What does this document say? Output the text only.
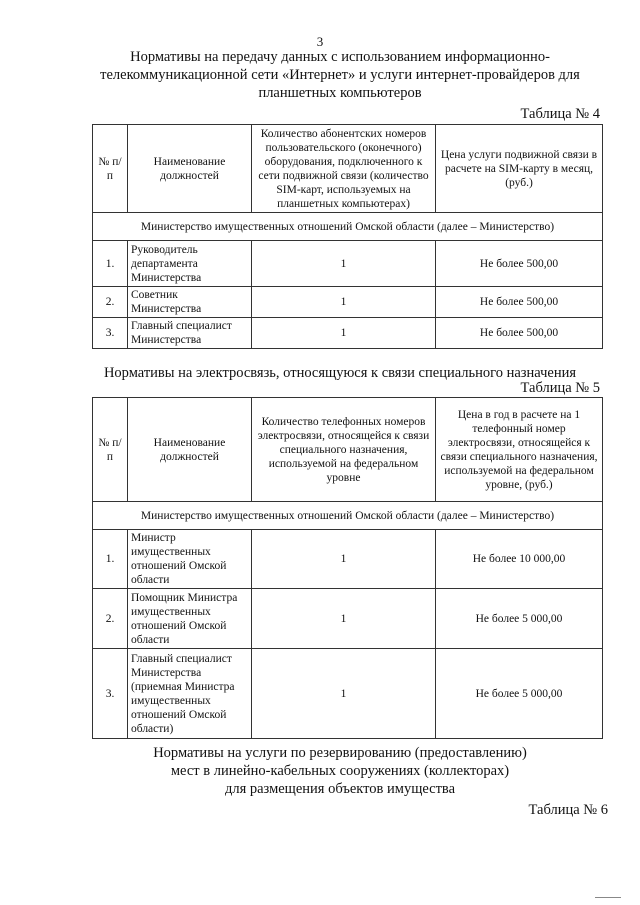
3
Нормативы на передачу данных с использованием информационно-
телекоммуникационной сети «Интернет» и услуги интернет-провайдеров для
планшетных компьютеров
Таблица № 4
№ п/п	Наименование должностей	Количество абонентских номеров пользовательского (оконечного) оборудования, подключенного к сети подвижной связи (количество SIM-карт, используемых на планшетных компьютерах)	Цена услуги подвижной связи в расчете на SIM-карту в месяц, (руб.)
Министерство имущественных отношений Омской области (далее – Министерство)			
1.	Руководитель департамента Министерства	1	Не более 500,00
2.	Советник Министерства	1	Не более 500,00
3.	Главный специалист Министерства	1	Не более 500,00
Нормативы на электросвязь, относящуюся к связи специального назначения
Таблица № 5
№ п/п	Наименование должностей	Количество телефонных номеров электросвязи, относящейся к связи специального назначения, используемой на федеральном уровне	Цена в год в расчете на 1 телефонный номер электросвязи, относящейся к связи специального назначения, используемой на федеральном уровне, (руб.)
Министерство имущественных отношений Омской области (далее – Министерство)			
1.	Министр имущественных отношений Омской области	1	Не более 10 000,00
2.	Помощник Министра имущественных отношений Омской области	1	Не более 5 000,00
3.	Главный специалист Министерства (приемная Министра имущественных отношений Омской области)	1	Не более 5 000,00
Нормативы на услуги по резервированию (предоставлению)
мест в линейно-кабельных сооружениях (коллекторах)
для размещения объектов имущества
Таблица № 6
